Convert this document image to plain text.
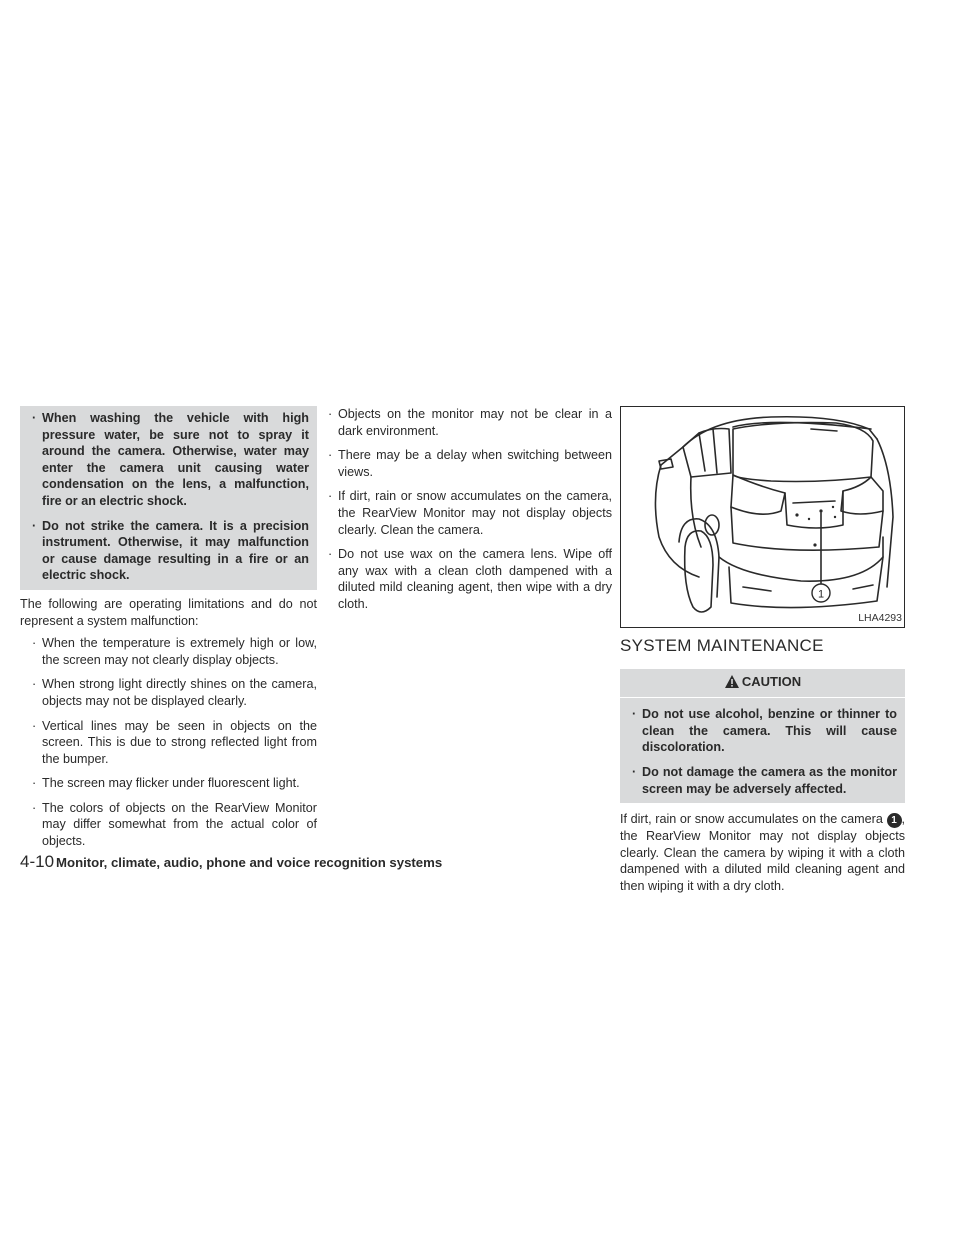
· When washing the vehicle with high pressure water, be sure not to spray it around the camera. Otherwise, water may enter the camera unit causing water condensation on the lens, a malfunction, fire or an electric shock.

· Do not strike the camera. It is a precision instrument. Otherwise, it may malfunction or cause damage resulting in a fire or an electric shock.

The following are operating limitations and do not represent a system malfunction:

· When the temperature is extremely high or low, the screen may not clearly display objects.

· When strong light directly shines on the camera, objects may not be displayed clearly.

· Vertical lines may be seen in objects on the screen. This is due to strong reflected light from the bumper.

· The screen may flicker under fluorescent light.

· The colors of objects on the RearView Monitor may differ somewhat from the actual color of objects.

· Objects on the monitor may not be clear in a dark environment.

· There may be a delay when switching between views.

· If dirt, rain or snow accumulates on the camera, the RearView Monitor may not display objects clearly. Clean the camera.

· Do not use wax on the camera lens. Wipe off any wax with a clean cloth dampened with a diluted mild cleaning agent, then wipe with a dry cloth.

1
LHA4293
SYSTEM MAINTENANCE
CAUTION

· Do not use alcohol, benzine or thinner to clean the camera. This will cause discoloration.

· Do not damage the camera as the monitor screen may be adversely affected.

If dirt, rain or snow accumulates on the camera 1 , the RearView Monitor may not display objects clearly. Clean the camera by wiping it with a cloth dampened with a diluted mild cleaning agent and then wiping it with a dry cloth.

4-10 Monitor, climate, audio, phone and voice recognition systems
